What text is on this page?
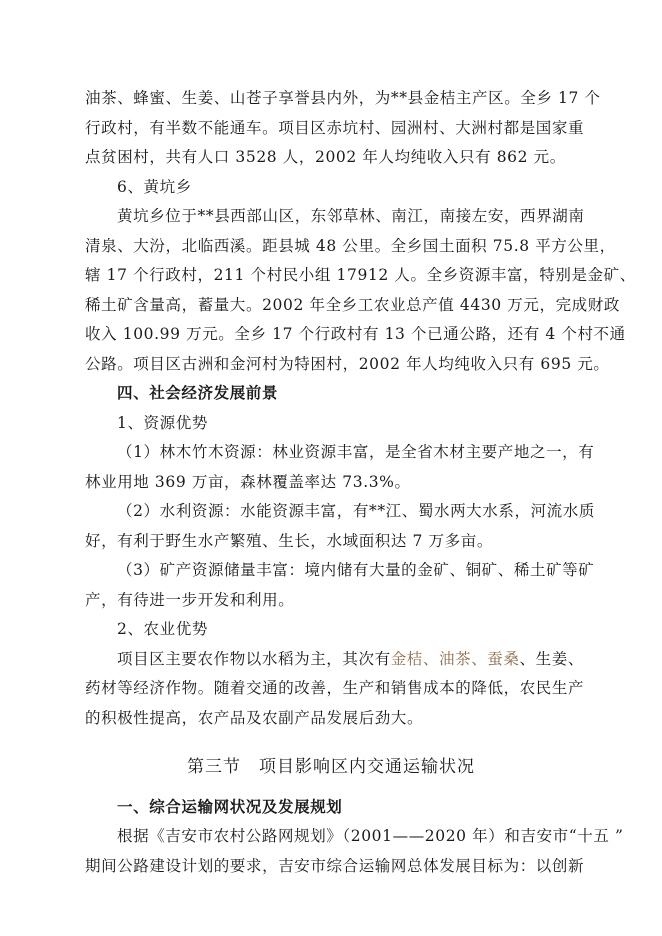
油茶、蜂蜜、生姜、山苍子享誉县内外，为**县金桔主产区。全乡 17 个
行政村，有半数不能通车。项目区赤坑村、园洲村、大洲村都是国家重
点贫困村，共有人口 3528 人，2002 年人均纯收入只有 862 元。
6、黄坑乡
黄坑乡位于**县西部山区，东邻草林、南江，南接左安，西界湖南
清泉、大汾，北临西溪。距县城 48 公里。全乡国土面积 75.8 平方公里，
辖 17 个行政村，211 个村民小组 17912 人。全乡资源丰富，特别是金矿、
稀土矿含量高，蓄量大。2002 年全乡工农业总产值 4430 万元，完成财政
收入 100.99 万元。全乡 17 个行政村有 13 个已通公路，还有 4 个村不通
公路。项目区古洲和金河村为特困村，2002 年人均纯收入只有 695 元。
四、社会经济发展前景
1、资源优势
（1）林木竹木资源：林业资源丰富，是全省木材主要产地之一，有
林业用地 369 万亩，森林覆盖率达 73.3%。
（2）水利资源：水能资源丰富，有**江、蜀水两大水系，河流水质
好，有利于野生水产繁殖、生长，水域面积达 7 万多亩。
（3）矿产资源储量丰富：境内储有大量的金矿、铜矿、稀土矿等矿
产，有待进一步开发和利用。
2、农业优势
项目区主要农作物以水稻为主，其次有金桔、油茶、蚕桑、生姜、
药材等经济作物。随着交通的改善，生产和销售成本的降低，农民生产
的积极性提高，农产品及农副产品发展后劲大。
第三节　项目影响区内交通运输状况
一、综合运输网状况及发展规划
根据《吉安市农村公路网规划》（2001——2020 年）和吉安市“十五 ”
期间公路建设计划的要求，吉安市综合运输网总体发展目标为：以创新
